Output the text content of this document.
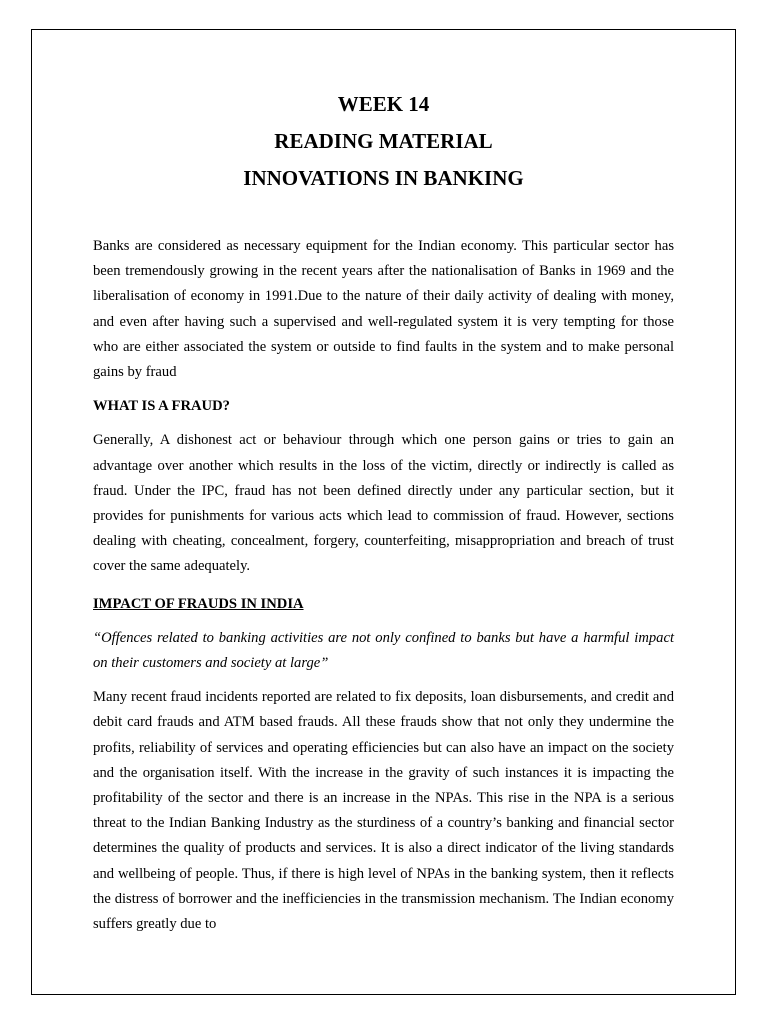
WEEK 14
READING MATERIAL
INNOVATIONS IN BANKING

Banks are considered as necessary equipment for the Indian economy. This particular sector has been tremendously growing in the recent years after the nationalisation of Banks in 1969 and the liberalisation of economy in 1991.Due to the nature of their daily activity of dealing with money, and even after having such a supervised and well-regulated system it is very tempting for those who are either associated the system or outside to find faults in the system and to make personal gains by fraud

WHAT IS A FRAUD?

Generally, A dishonest act or behaviour through which one person gains or tries to gain an advantage over another which results in the loss of the victim, directly or indirectly is called as fraud. Under the IPC, fraud has not been defined directly under any particular section, but it provides for punishments for various acts which lead to commission of fraud. However, sections dealing with cheating, concealment, forgery, counterfeiting, misappropriation and breach of trust cover the same adequately.

IMPACT OF FRAUDS IN INDIA

“Offences related to banking activities are not only confined to banks but have a harmful impact on their customers and society at large”

Many recent fraud incidents reported are related to fix deposits, loan disbursements, and credit and debit card frauds and ATM based frauds. All these frauds show that not only they undermine the profits, reliability of services and operating efficiencies but can also have an impact on the society and the organisation itself. With the increase in the gravity of such instances it is impacting the profitability of the sector and there is an increase in the NPAs. This rise in the NPA is a serious threat to the Indian Banking Industry as the sturdiness of a country’s banking and financial sector determines the quality of products and services. It is also a direct indicator of the living standards and wellbeing of people. Thus, if there is high level of NPAs in the banking system, then it reflects the distress of borrower and the inefficiencies in the transmission mechanism. The Indian economy suffers greatly due to
